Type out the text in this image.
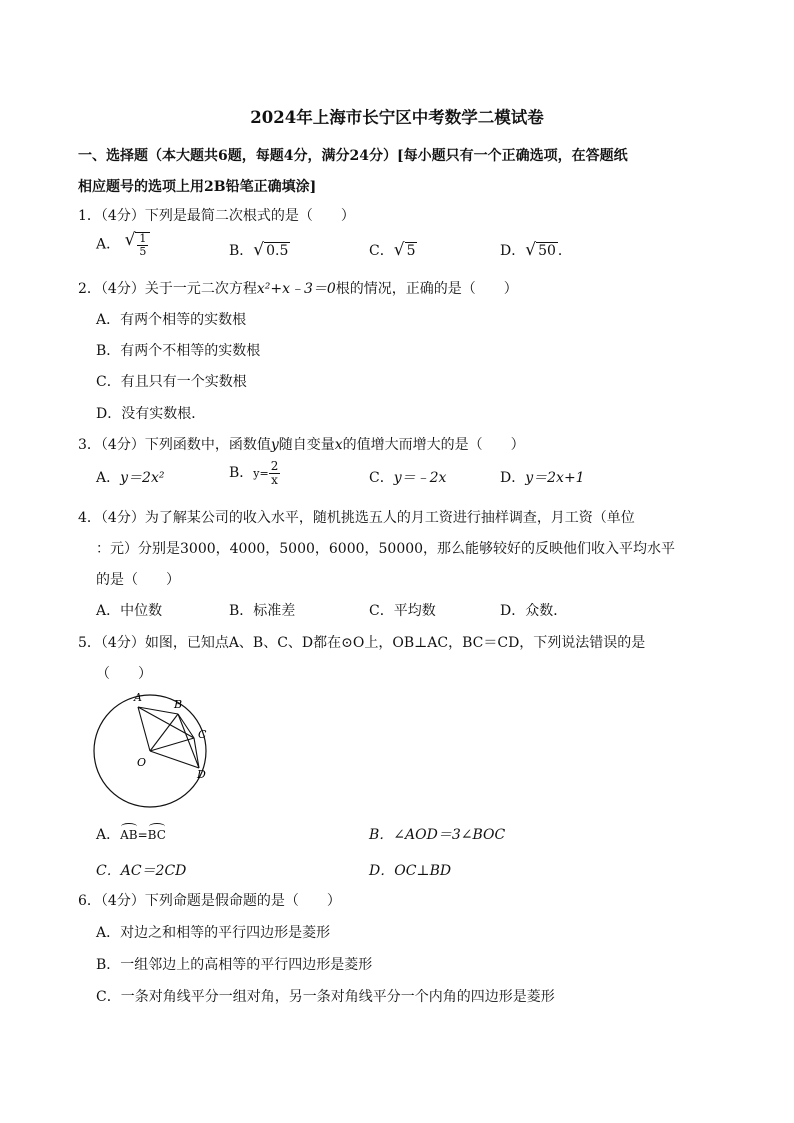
2024年上海市长宁区中考数学二模试卷
一、选择题（本大题共6题，每题4分，满分24分）[每小题只有一个正确选项，在答题纸
相应题号的选项上用2B铅笔正确填涂]
1．（4分）下列是最简二次根式的是（　　）
A． √ $\frac{1}{5}$	B． √ 0.5	C． √ 5	D． √ 50 ．
2．（4分）关于一元二次方程x²+x﹣3＝0根的情况，正确的是（　　）
A．有两个相等的实数根
B．有两个不相等的实数根
C．有且只有一个实数根
D．没有实数根．
3．（4分）下列函数中，函数值y随自变量x的值增大而增大的是（　　）
A．y＝2x²	B．$y= \frac{2}{x}$	C．y＝﹣2x	D．y＝2x+1
4．（4分）为了解某公司的收入水平，随机挑选五人的月工资进行抽样调查，月工资（单位
：元）分别是3000，4000，5000，6000，50000，那么能够较好的反映他们收入平均水平
的是（　　）
A．中位数	B．标准差	C．平均数	D．众数．
5．（4分）如图，已知点A、B、C、D都在⊙O上，OB⊥AC，BC＝CD，下列说法错误的是
（　　）
A
B
C
D
O
A．AB=BC	B．∠AOD＝3∠BOC
C．AC＝2CD	D．OC⊥BD
6．（4分）下列命题是假命题的是（　　）
A．对边之和相等的平行四边形是菱形
B．一组邻边上的高相等的平行四边形是菱形
C．一条对角线平分一组对角，另一条对角线平分一个内角的四边形是菱形
